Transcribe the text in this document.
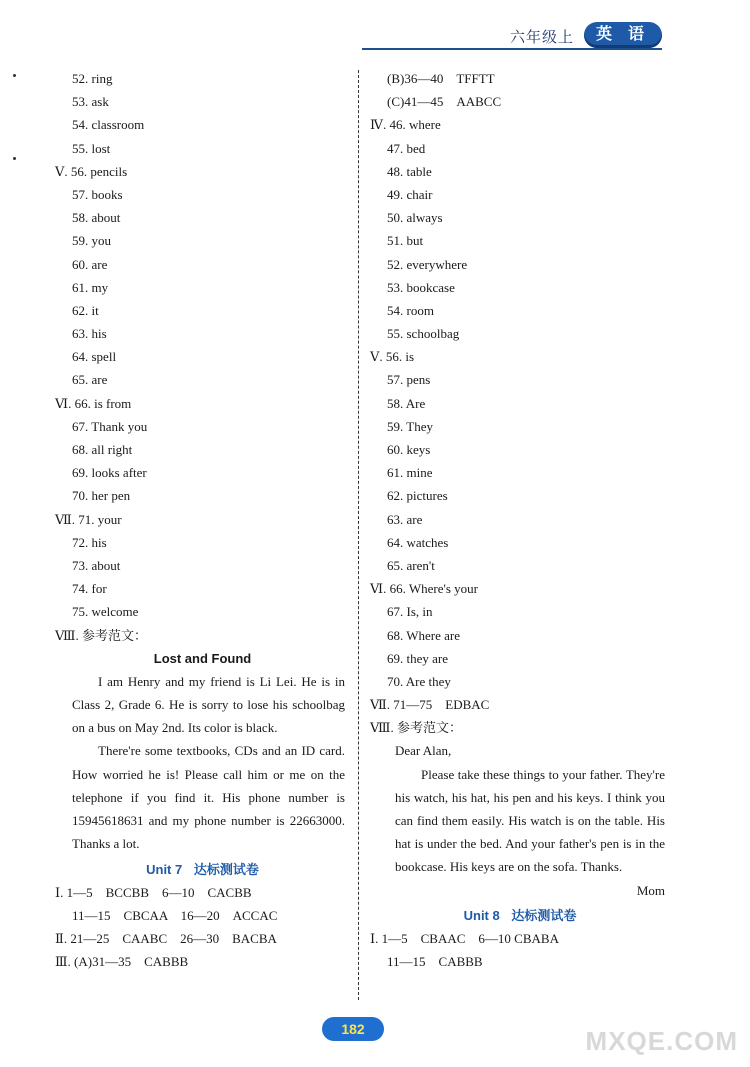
六年级上	英 语
52. ring
53. ask
54. classroom
55. lost
Ⅴ. 56. pencils
57. books
58. about
59. you
60. are
61. my
62. it
63. his
64. spell
65. are
Ⅵ. 66. is from
67. Thank you
68. all right
69. looks after
70. her pen
Ⅶ. 71. your
72. his
73. about
74. for
75. welcome
Ⅷ. 参考范文：
Lost and Found
I am Henry and my friend is Li Lei. He is in Class 2, Grade 6. He is sorry to lose his schoolbag on a bus on May 2nd. Its color is black.
There're some textbooks, CDs and an ID card. How worried he is! Please call him or me on the telephone if you find it. His phone number is 15945618631 and my phone number is 22663000. Thanks a lot.
Unit 7 达标测试卷
Ⅰ. 1—5　BCCBB　6—10　CACBB
11—15　CBCAA　16—20　ACCAC
Ⅱ. 21—25　CAABC　26—30　BACBA
Ⅲ. (A)31—35　CABBB
(B)36—40　TFFTT
(C)41—45　AABCC
Ⅳ. 46. where
47. bed
48. table
49. chair
50. always
51. but
52. everywhere
53. bookcase
54. room
55. schoolbag
Ⅴ. 56. is
57. pens
58. Are
59. They
60. keys
61. mine
62. pictures
63. are
64. watches
65. aren't
Ⅵ. 66. Where's your
67. Is, in
68. Where are
69. they are
70. Are they
Ⅶ. 71—75　EDBAC
Ⅷ. 参考范文：
Dear Alan,
Please take these things to your father. They're his watch, his hat, his pen and his keys. I think you can find them easily. His watch is on the table. His hat is under the bed. And your father's pen is in the bookcase. His keys are on the sofa. Thanks.
Mom
Unit 8 达标测试卷
Ⅰ. 1—5　CBAAC　6—10 CBABA
11—15　CABBB
182	MXQE.COM
